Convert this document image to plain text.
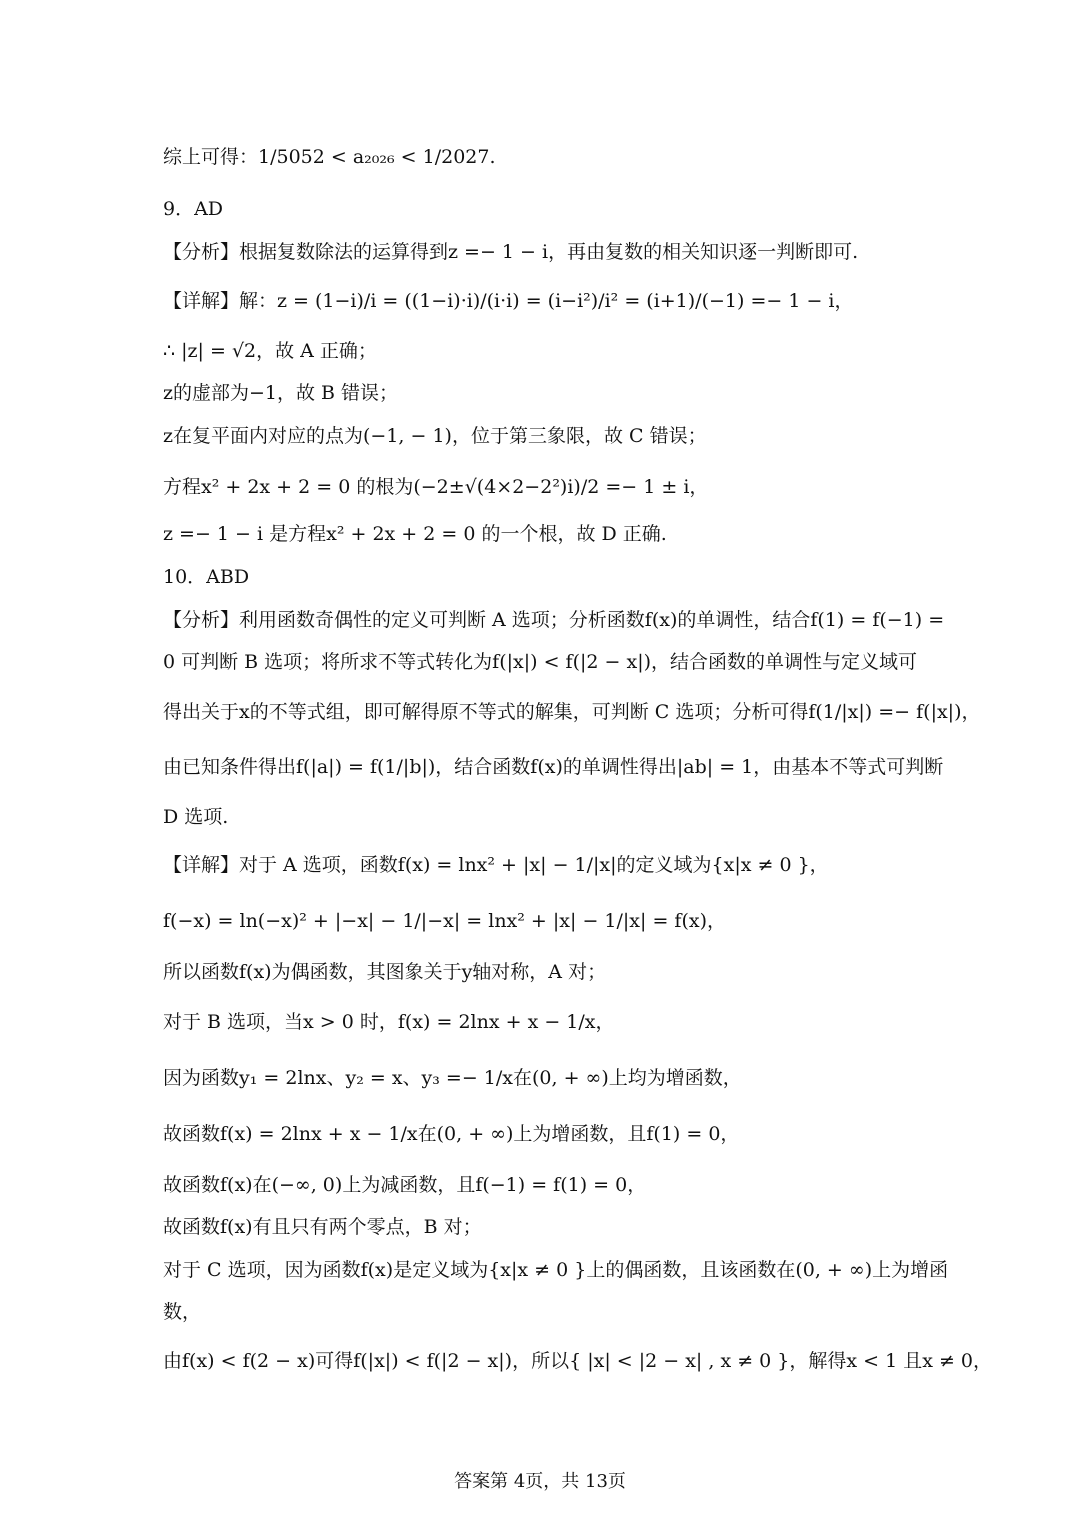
综上可得：1/5052 < a₂₀₂₆ < 1/2027.
9．AD
【分析】根据复数除法的运算得到z =− 1 − i，再由复数的相关知识逐一判断即可.
【详解】解：z = (1−i)/i = ((1−i)·i)/(i·i) = (i−i²)/i² = (i+1)/(−1) =− 1 − i，
∴ |z| = √2，故 A 正确；
z的虚部为−1，故 B 错误；
z在复平面内对应的点为(−1, − 1)，位于第三象限，故 C 错误；
方程x² + 2x + 2 = 0 的根为(−2±√(4×2−2²)i)/2 =− 1 ± i，
z =− 1 − i 是方程x² + 2x + 2 = 0 的一个根，故 D 正确.
10．ABD
【分析】利用函数奇偶性的定义可判断 A 选项；分析函数f(x)的单调性，结合f(1) = f(−1) =
0 可判断 B 选项；将所求不等式转化为f(|x|) < f(|2 − x|)，结合函数的单调性与定义域可
得出关于x的不等式组，即可解得原不等式的解集，可判断 C 选项；分析可得f(1/|x|) =− f(|x|)，
由已知条件得出f(|a|) = f(1/|b|)，结合函数f(x)的单调性得出|ab| = 1，由基本不等式可判断
D 选项.
【详解】对于 A 选项，函数f(x) = lnx² + |x| − 1/|x|的定义域为{x|x ≠ 0 }，
f(−x) = ln(−x)² + |−x| − 1/|−x| = lnx² + |x| − 1/|x| = f(x)，
所以函数f(x)为偶函数，其图象关于y轴对称，A 对；
对于 B 选项，当x > 0 时，f(x) = 2lnx + x − 1/x，
因为函数y₁ = 2lnx、y₂ = x、y₃ =− 1/x在(0, + ∞)上均为增函数，
故函数f(x) = 2lnx + x − 1/x在(0, + ∞)上为增函数，且f(1) = 0，
故函数f(x)在(−∞, 0)上为减函数，且f(−1) = f(1) = 0，
故函数f(x)有且只有两个零点，B 对；
对于 C 选项，因为函数f(x)是定义域为{x|x ≠ 0 }上的偶函数，且该函数在(0, + ∞)上为增函
数，
由f(x) < f(2 − x)可得f(|x|) < f(|2 − x|)，所以{ |x| < |2 − x| , x ≠ 0 }，解得x < 1 且x ≠ 0，
答案第 4页，共 13页
